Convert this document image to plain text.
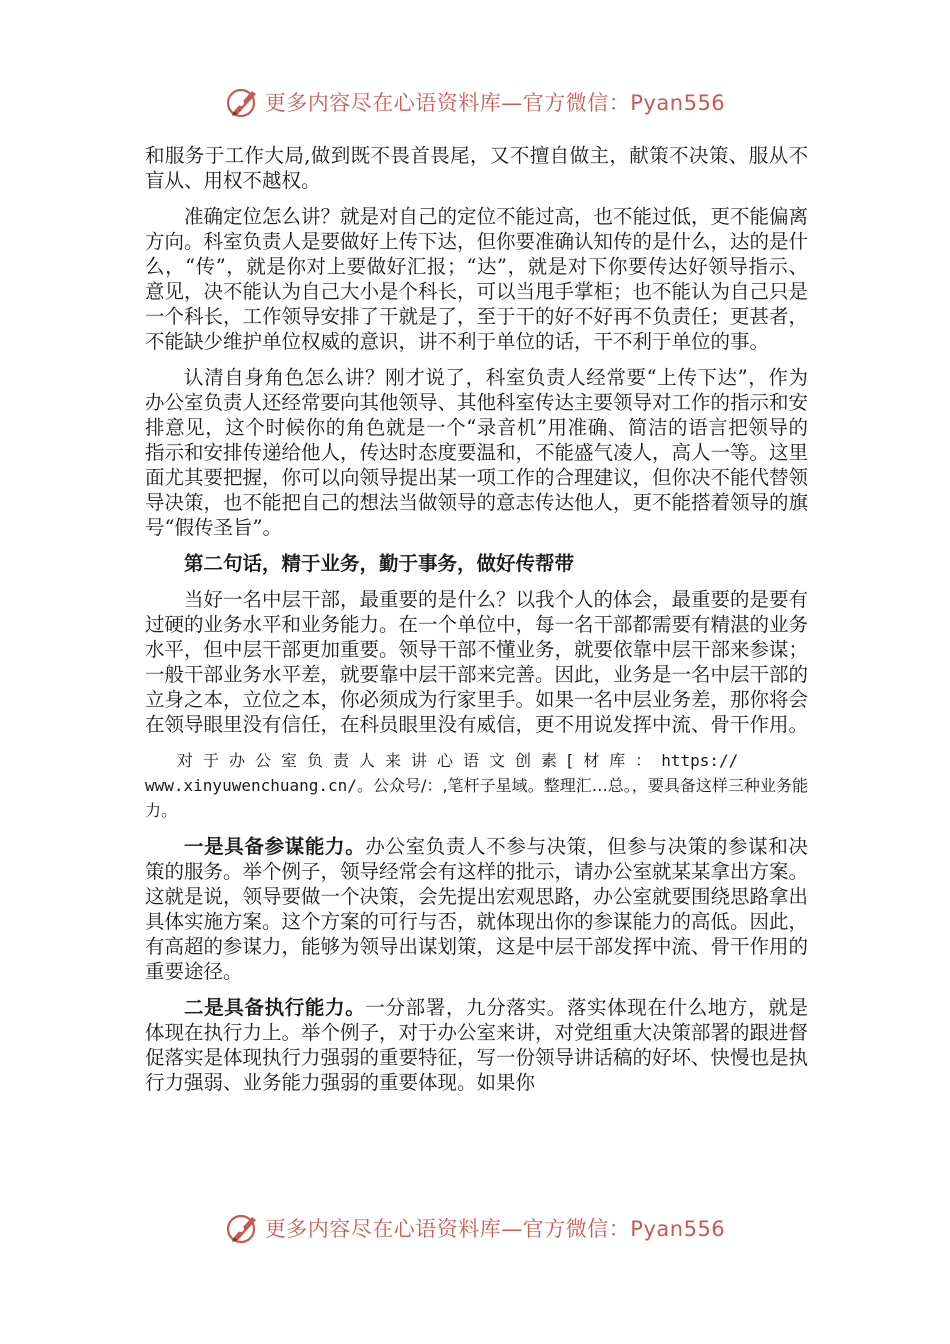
更多内容尽在心语资料库—官方微信：Pyan556

和服务于工作大局,做到既不畏首畏尾，又不擅自做主，献策不决策、服从不盲从、用权不越权。

准确定位怎么讲？就是对自己的定位不能过高，也不能过低，更不能偏离方向。科室负责人是要做好上传下达，但你要准确认知传的是什么，达的是什么，“传”，就是你对上要做好汇报；“达”，就是对下你要传达好领导指示、意见，决不能认为自己大小是个科长，可以当甩手掌柜；也不能认为自己只是一个科长，工作领导安排了干就是了，至于干的好不好再不负责任；更甚者，不能缺少维护单位权威的意识，讲不利于单位的话，干不利于单位的事。

认清自身角色怎么讲？刚才说了，科室负责人经常要“上传下达”，作为办公室负责人还经常要向其他领导、其他科室传达主要领导对工作的指示和安排意见，这个时候你的角色就是一个“录音机”用准确、简洁的语言把领导的指示和安排传递给他人，传达时态度要温和，不能盛气凌人，高人一等。这里面尤其要把握，你可以向领导提出某一项工作的合理建议，但你决不能代替领导决策，也不能把自己的想法当做领导的意志传达他人，更不能搭着领导的旗号“假传圣旨”。

第二句话，精于业务，勤于事务，做好传帮带

当好一名中层干部，最重要的是什么？以我个人的体会，最重要的是要有过硬的业务水平和业务能力。在一个单位中，每一名干部都需要有精湛的业务水平，但中层干部更加重要。领导干部不懂业务，就要依靠中层干部来参谋；一般干部业务水平差，就要靠中层干部来完善。因此，业务是一名中层干部的立身之本，立位之本，你必须成为行家里手。如果一名中层业务差，那你将会在领导眼里没有信任，在科员眼里没有威信，更不用说发挥中流、骨干作用。

对于办公室负责人来讲心语文创素[材库：https://
www.xinyuwenchuang.cn/。公众号/：,笔杆子星域。整理汇…总。，要具备这样三种业务能力。

一是具备参谋能力。办公室负责人不参与决策，但参与决策的参谋和决策的服务。举个例子，领导经常会有这样的批示，请办公室就某某拿出方案。这就是说，领导要做一个决策，会先提出宏观思路，办公室就要围绕思路拿出具体实施方案。这个方案的可行与否，就体现出你的参谋能力的高低。因此，有高超的参谋力，能够为领导出谋划策，这是中层干部发挥中流、骨干作用的重要途径。

二是具备执行能力。一分部署，九分落实。落实体现在什么地方，就是体现在执行力上。举个例子，对于办公室来讲，对党组重大决策部署的跟进督促落实是体现执行力强弱的重要特征，写一份领导讲话稿的好坏、快慢也是执行力强弱、业务能力强弱的重要体现。如果你

更多内容尽在心语资料库—官方微信：Pyan556
